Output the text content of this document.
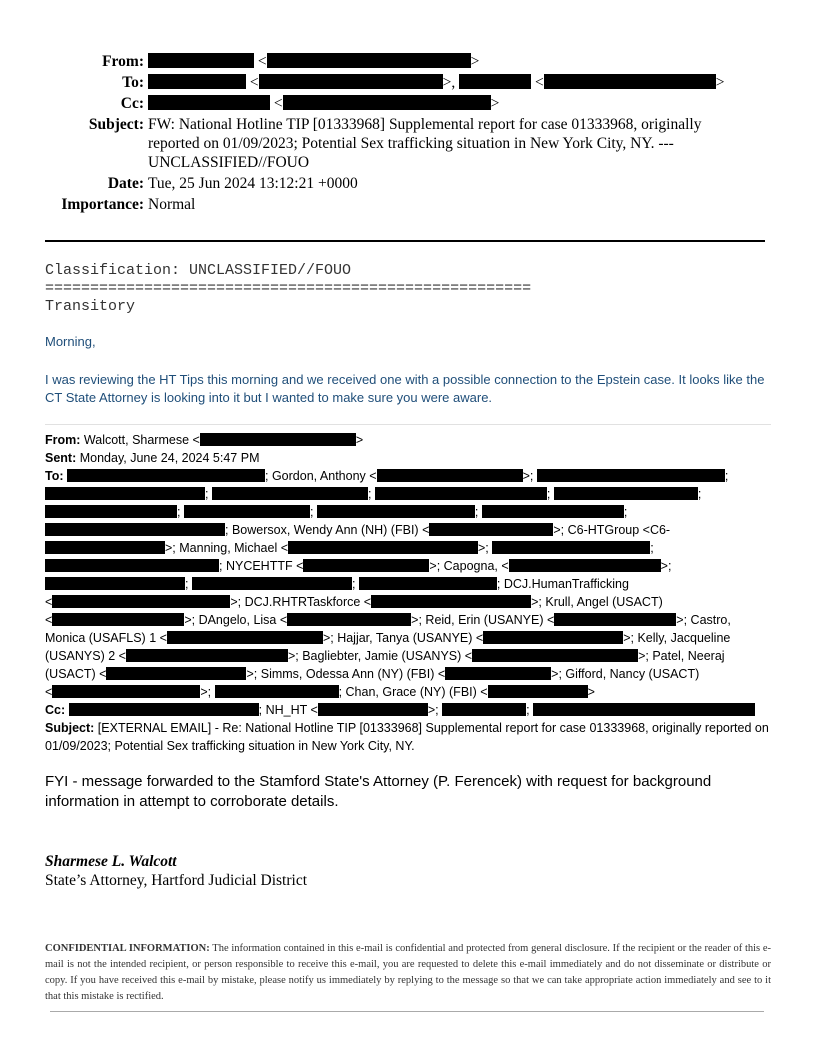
From:	<	>
To:	<	>,	<	>
Cc:	<	>
Subject: FW: National Hotline TIP [01333968] Supplemental report for case 01333968, originally reported on 01/09/2023; Potential Sex trafficking situation in New York City, NY. --- UNCLASSIFIED//FOUO
Date: Tue, 25 Jun 2024 13:12:21 +0000
Importance: Normal
Classification: UNCLASSIFIED//FOUO
======================================================
Transitory
Morning,
I was reviewing the HT Tips this morning and we received one with a possible connection to the Epstein case. It looks like the CT State Attorney is looking into it but I wanted to make sure you were aware.
From: Walcott, Sharmese <	>
Sent: Monday, June 24, 2024 5:47 PM
To:	; Gordon, Anthony <	>;	;
;	;	;	;
;	;	;	;
; Bowersox, Wendy Ann (NH) (FBI) <	>; C6-HTGroup <C6-
>; Manning, Michael <	>;	;
; NYCEHTTF <	>; Capogna, <	>;
;	;	; DCJ.HumanTrafficking
<	>; DCJ.RHTRTaskforce <	>; Krull, Angel (USACT)
<	>; DAngelo, Lisa <	>; Reid, Erin (USANYE) <	>; Castro,
Monica (USAFLS) 1 <	>; Hajjar, Tanya (USANYE) <	>; Kelly, Jacqueline
(USANYS) 2 <	>; Bagliebter, Jamie (USANYS) <	>; Patel, Neeraj
(USACT) <	>; Simms, Odessa Ann (NY) (FBI) <	>; Gifford, Nancy (USACT)
<	>;	; Chan, Grace (NY) (FBI) <	>
Cc:	; NH_HT <	>;	;
Subject: [EXTERNAL EMAIL] - Re: National Hotline TIP [01333968] Supplemental report for case 01333968, originally reported on 01/09/2023; Potential Sex trafficking situation in New York City, NY.
FYI - message forwarded to the Stamford State's Attorney (P. Ferencek) with request for background information in attempt to corroborate details.
Sharmese L. Walcott
State’s Attorney, Hartford Judicial District
CONFIDENTIAL INFORMATION: The information contained in this e-mail is confidential and protected from general disclosure. If the recipient or the reader of this e-mail is not the intended recipient, or person responsible to receive this e-mail, you are requested to delete this e-mail immediately and do not disseminate or distribute or copy. If you have received this e-mail by mistake, please notify us immediately by replying to the message so that we can take appropriate action immediately and see to it that this mistake is rectified.
